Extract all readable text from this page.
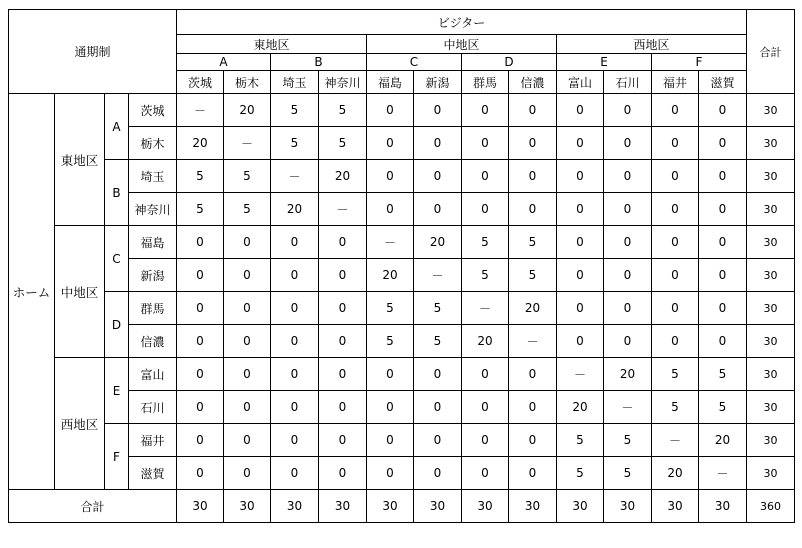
通期制				ビジター												合計
				東地区				中地区				西地区				
				A		B		C		D		E		F		
				茨城	栃木	埼玉	神奈川	福島	新潟	群馬	信濃	富山	石川	福井	滋賀	
ホーム	東地区	A	茨城	－	20	5	5	0	0	0	0	0	0	0	0	30
			栃木	20	－	5	5	0	0	0	0	0	0	0	0	30
		B	埼玉	5	5	－	20	0	0	0	0	0	0	0	0	30
			神奈川	5	5	20	－	0	0	0	0	0	0	0	0	30
	中地区	C	福島	0	0	0	0	－	20	5	5	0	0	0	0	30
			新潟	0	0	0	0	20	－	5	5	0	0	0	0	30
		D	群馬	0	0	0	0	5	5	－	20	0	0	0	0	30
			信濃	0	0	0	0	5	5	20	－	0	0	0	0	30
	西地区	E	富山	0	0	0	0	0	0	0	0	－	20	5	5	30
			石川	0	0	0	0	0	0	0	0	20	－	5	5	30
		F	福井	0	0	0	0	0	0	0	0	5	5	－	20	30
			滋賀	0	0	0	0	0	0	0	0	5	5	20	－	30
合計				30	30	30	30	30	30	30	30	30	30	30	30	360
